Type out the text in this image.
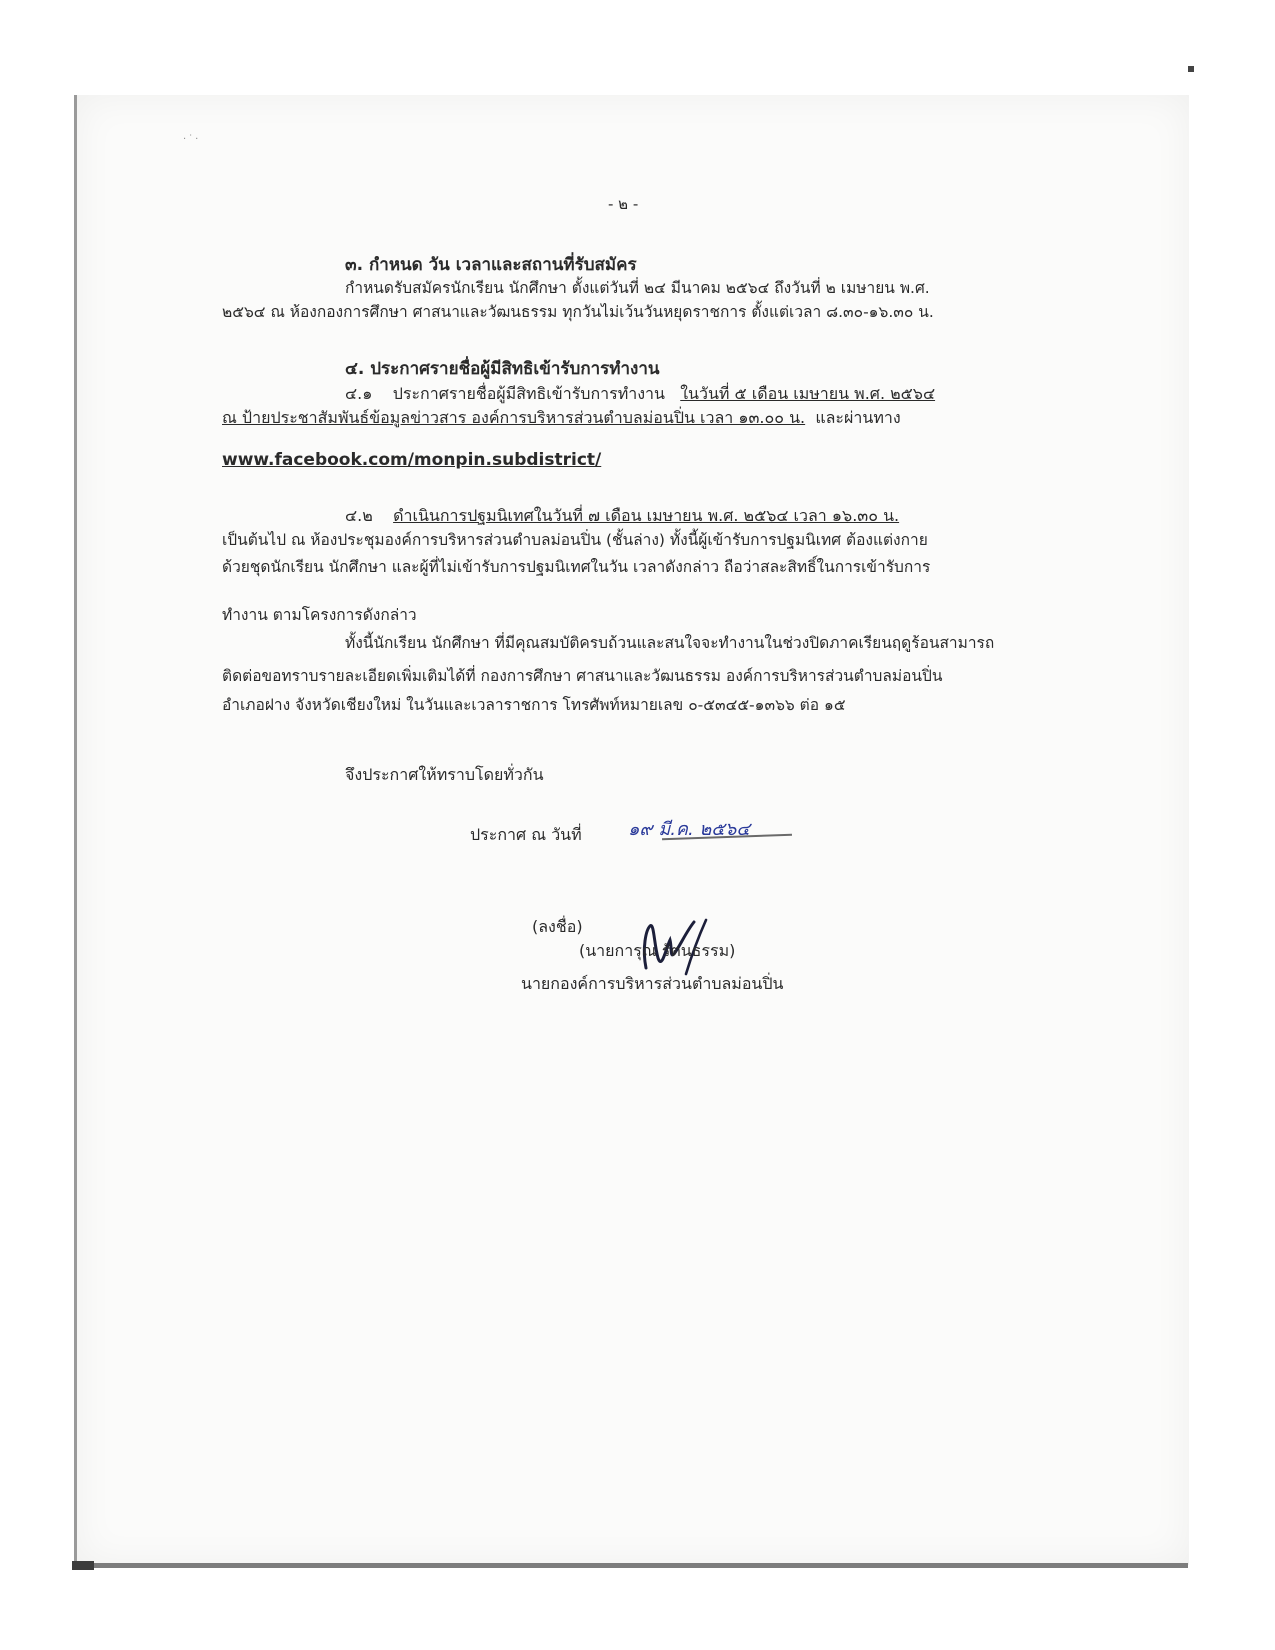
·˙·
- ๒ -
๓. กำหนด วัน เวลาและสถานที่รับสมัคร
กำหนดรับสมัครนักเรียน นักศึกษา ตั้งแต่วันที่ ๒๔ มีนาคม ๒๕๖๔ ถึงวันที่ ๒ เมษายน พ.ศ.
๒๕๖๔ ณ ห้องกองการศึกษา ศาสนาและวัฒนธรรม ทุกวันไม่เว้นวันหยุดราชการ ตั้งแต่เวลา ๘.๓๐-๑๖.๓๐ น.
๔. ประกาศรายชื่อผู้มีสิทธิเข้ารับการทำงาน
๔.๑ ประกาศรายชื่อผู้มีสิทธิเข้ารับการทำงาน ในวันที่ ๕ เดือน เมษายน พ.ศ. ๒๕๖๔
ณ ป้ายประชาสัมพันธ์ข้อมูลข่าวสาร องค์การบริหารส่วนตำบลม่อนปิ่น เวลา ๑๓.๐๐ น. และผ่านทาง
www.facebook.com/monpin.subdistrict/
๔.๒ ดำเนินการปฐมนิเทศในวันที่ ๗ เดือน เมษายน พ.ศ. ๒๕๖๔ เวลา ๑๖.๓๐ น.
เป็นต้นไป ณ ห้องประชุมองค์การบริหารส่วนตำบลม่อนปิ่น (ชั้นล่าง) ทั้งนี้ผู้เข้ารับการปฐมนิเทศ ต้องแต่งกาย
ด้วยชุดนักเรียน นักศึกษา และผู้ที่ไม่เข้ารับการปฐมนิเทศในวัน เวลาดังกล่าว ถือว่าสละสิทธิ์ในการเข้ารับการ
ทำงาน ตามโครงการดังกล่าว
ทั้งนี้นักเรียน นักศึกษา ที่มีคุณสมบัติครบถ้วนและสนใจจะทำงานในช่วงปิดภาคเรียนฤดูร้อนสามารถ
ติดต่อขอทราบรายละเอียดเพิ่มเติมได้ที่ กองการศึกษา ศาสนาและวัฒนธรรม องค์การบริหารส่วนตำบลม่อนปิ่น
อำเภอฝาง จังหวัดเชียงใหม่ ในวันและเวลาราชการ โทรศัพท์หมายเลข ๐-๕๓๔๕-๑๓๖๖ ต่อ ๑๕
จึงประกาศให้ทราบโดยทั่วกัน
ประกาศ ณ วันที่	๑๙ มี.ค. ๒๕๖๔
(ลงชื่อ)
(นายการุณ รัตนธรรม)
นายกองค์การบริหารส่วนตำบลม่อนปิ่น
